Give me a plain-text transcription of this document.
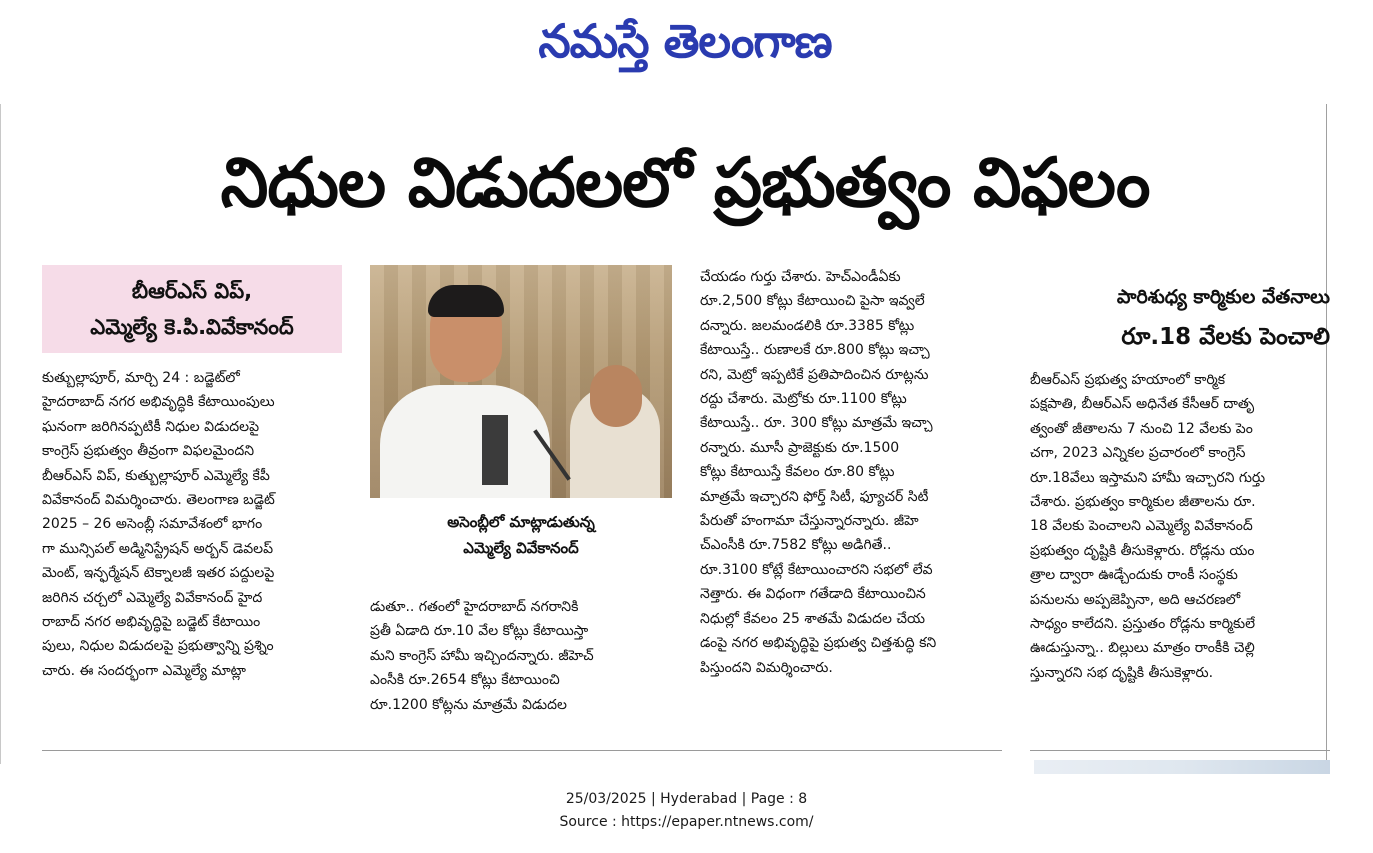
నమస్తే తెలంగాణ
నిధుల విడుదలలో ప్రభుత్వం విఫలం
బీఆర్ఎస్ విప్,
ఎమ్మెల్యే కె.పి.వివేకానంద్
కుత్బుల్లాపూర్, మార్చి 24 : బడ్జెట్‌లో
హైదరాబాద్ నగర అభివృద్ధికి కేటాయింపులు
ఘనంగా జరిగినప్పటికీ నిధుల విడుదలపై
కాంగ్రెస్ ప్రభుత్వం తీవ్రంగా విఫలమైందని
బీఆర్ఎస్ విప్, కుత్బుల్లాపూర్ ఎమ్మెల్యే కేపీ
వివేకానంద్ విమర్శించారు. తెలంగాణ బడ్జెట్
2025 – 26 అసెంబ్లీ సమావేశంలో భాగం
గా మున్సిపల్ అడ్మినిస్ట్రేషన్ అర్బన్ డెవలప్
మెంట్, ఇన్ఫర్మేషన్ టెక్నాలజీ ఇతర పద్దులపై
జరిగిన చర్చలో ఎమ్మెల్యే వివేకానంద్ హైద
రాబాద్ నగర అభివృద్ధిపై బడ్జెట్ కేటాయిం
పులు, నిధుల విడుదలపై ప్రభుత్వాన్ని ప్రశ్నిం
చారు. ఈ సందర్భంగా ఎమ్మెల్యే మాట్లా
అసెంబ్లీలో మాట్లాడుతున్న
ఎమ్మెల్యే వివేకానంద్
డుతూ.. గతంలో హైదరాబాద్ నగరానికి
ప్రతీ ఏడాది రూ.10 వేల కోట్లు కేటాయిస్తా
మని కాంగ్రెస్ హామీ ఇచ్చిందన్నారు. జీహెచ్
ఎంసీకి రూ.2654 కోట్లు కేటాయించి
రూ.1200 కోట్లను మాత్రమే విడుదల
చేయడం గుర్తు చేశారు. హెచ్ఎండీఏకు
రూ.2,500 కోట్లు కేటాయించి పైసా ఇవ్వలే
దన్నారు. జలమండలికి రూ.3385 కోట్లు
కేటాయిస్తే.. రుణాలకే రూ.800 కోట్లు ఇచ్చా
రని, మెట్రో ఇప్పటికే ప్రతిపాదించిన రూట్లను
రద్దు చేశారు. మెట్రోకు రూ.1100 కోట్లు
కేటాయిస్తే.. రూ. 300 కోట్లు మాత్రమే ఇచ్చా
రన్నారు. మూసీ ప్రాజెక్టుకు రూ.1500
కోట్లు కేటాయిస్తే కేవలం రూ.80 కోట్లు
మాత్రమే ఇచ్చారని ఫోర్త్ సిటీ, ఫ్యూచర్ సిటీ
పేరుతో హంగామా చేస్తున్నారన్నారు. జీహె
చ్ఎంసీకి రూ.7582 కోట్లు అడిగితే..
రూ.3100 కోట్లే కేటాయించారని సభలో లేవ
నెత్తారు. ఈ విధంగా గతేడాది కేటాయించిన
నిధుల్లో కేవలం 25 శాతమే విడుదల చేయ
డంపై నగర అభివృద్ధిపై ప్రభుత్వ చిత్తశుద్ధి కని
పిస్తుందని విమర్శించారు.
పారిశుధ్య కార్మికుల వేతనాలు
రూ.18 వేలకు పెంచాలి
బీఆర్ఎస్ ప్రభుత్వ హయాంలో కార్మిక
పక్షపాతి, బీఆర్ఎస్ అధినేత కేసీఆర్ దాతృ
త్వంతో జీతాలను 7 నుంచి 12 వేలకు పెం
చగా, 2023 ఎన్నికల ప్రచారంలో కాంగ్రెస్
రూ.18వేలు ఇస్తామని హామీ ఇచ్చారని గుర్తు
చేశారు. ప్రభుత్వం కార్మికుల జీతాలను రూ.
18 వేలకు పెంచాలని ఎమ్మెల్యే వివేకానంద్
ప్రభుత్వం దృష్టికి తీసుకెళ్లారు. రోడ్లను యం
త్రాల ద్వారా ఊడ్చేందుకు రాంకీ సంస్థకు
పనులను అప్పజెప్పినా, అది ఆచరణలో
సాధ్యం కాలేదని. ప్రస్తుతం రోడ్లను కార్మికులే
ఊడుస్తున్నా.. బిల్లులు మాత్రం రాంకీకి చెల్లి
స్తున్నారని సభ దృష్టికి తీసుకెళ్లారు.
25/03/2025 | Hyderabad | Page : 8
Source : https://epaper.ntnews.com/
